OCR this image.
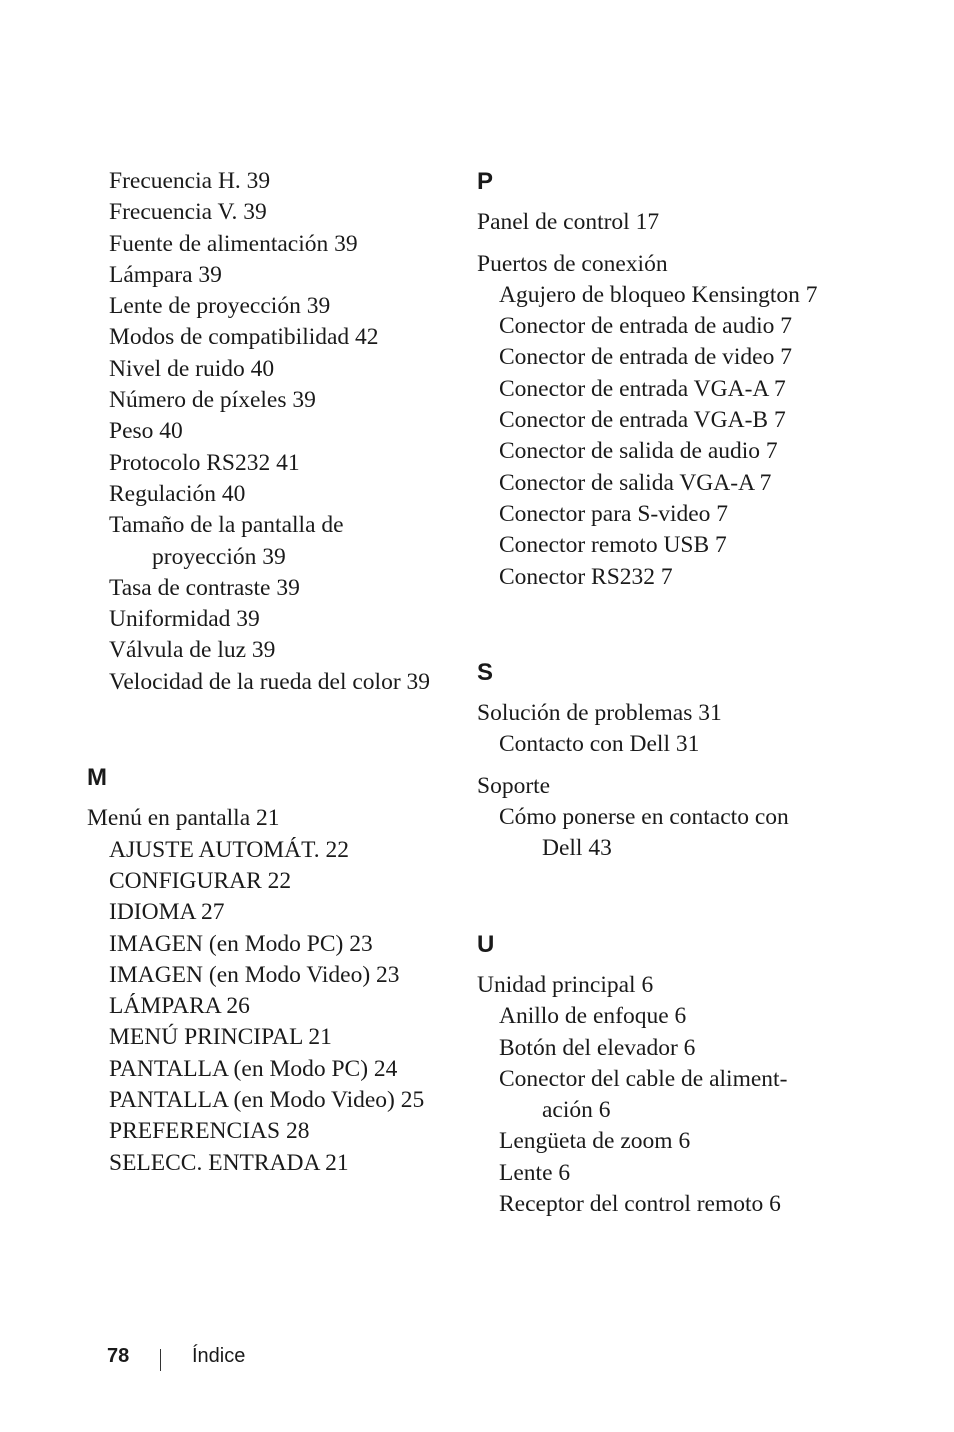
Frecuencia H. 39
Frecuencia V. 39
Fuente de alimentación 39
Lámpara 39
Lente de proyección 39
Modos de compatibilidad 42
Nivel de ruido 40
Número de píxeles 39
Peso 40
Protocolo RS232 41
Regulación 40
Tamaño de la pantalla de proyección 39
Tasa de contraste 39
Uniformidad 39
Válvula de luz 39
Velocidad de la rueda del color 39
M
Menú en pantalla 21
AJUSTE AUTOMÁT. 22
CONFIGURAR 22
IDIOMA 27
IMAGEN (en Modo PC) 23
IMAGEN (en Modo Video) 23
LÁMPARA 26
MENÚ PRINCIPAL 21
PANTALLA (en Modo PC) 24
PANTALLA (en Modo Video) 25
PREFERENCIAS 28
SELECC. ENTRADA 21
P
Panel de control 17
Puertos de conexión
Agujero de bloqueo Kensington 7
Conector de entrada de audio 7
Conector de entrada de video 7
Conector de entrada VGA-A 7
Conector de entrada VGA-B 7
Conector de salida de audio 7
Conector de salida VGA-A 7
Conector para S-video 7
Conector remoto USB 7
Conector RS232 7
S
Solución de problemas 31
Contacto con Dell 31
Soporte
Cómo ponerse en contacto con Dell 43
U
Unidad principal 6
Anillo de enfoque 6
Botón del elevador 6
Conector del cable de aliment-ación 6
Lengüeta de zoom 6
Lente 6
Receptor del control remoto 6
78	Índice
